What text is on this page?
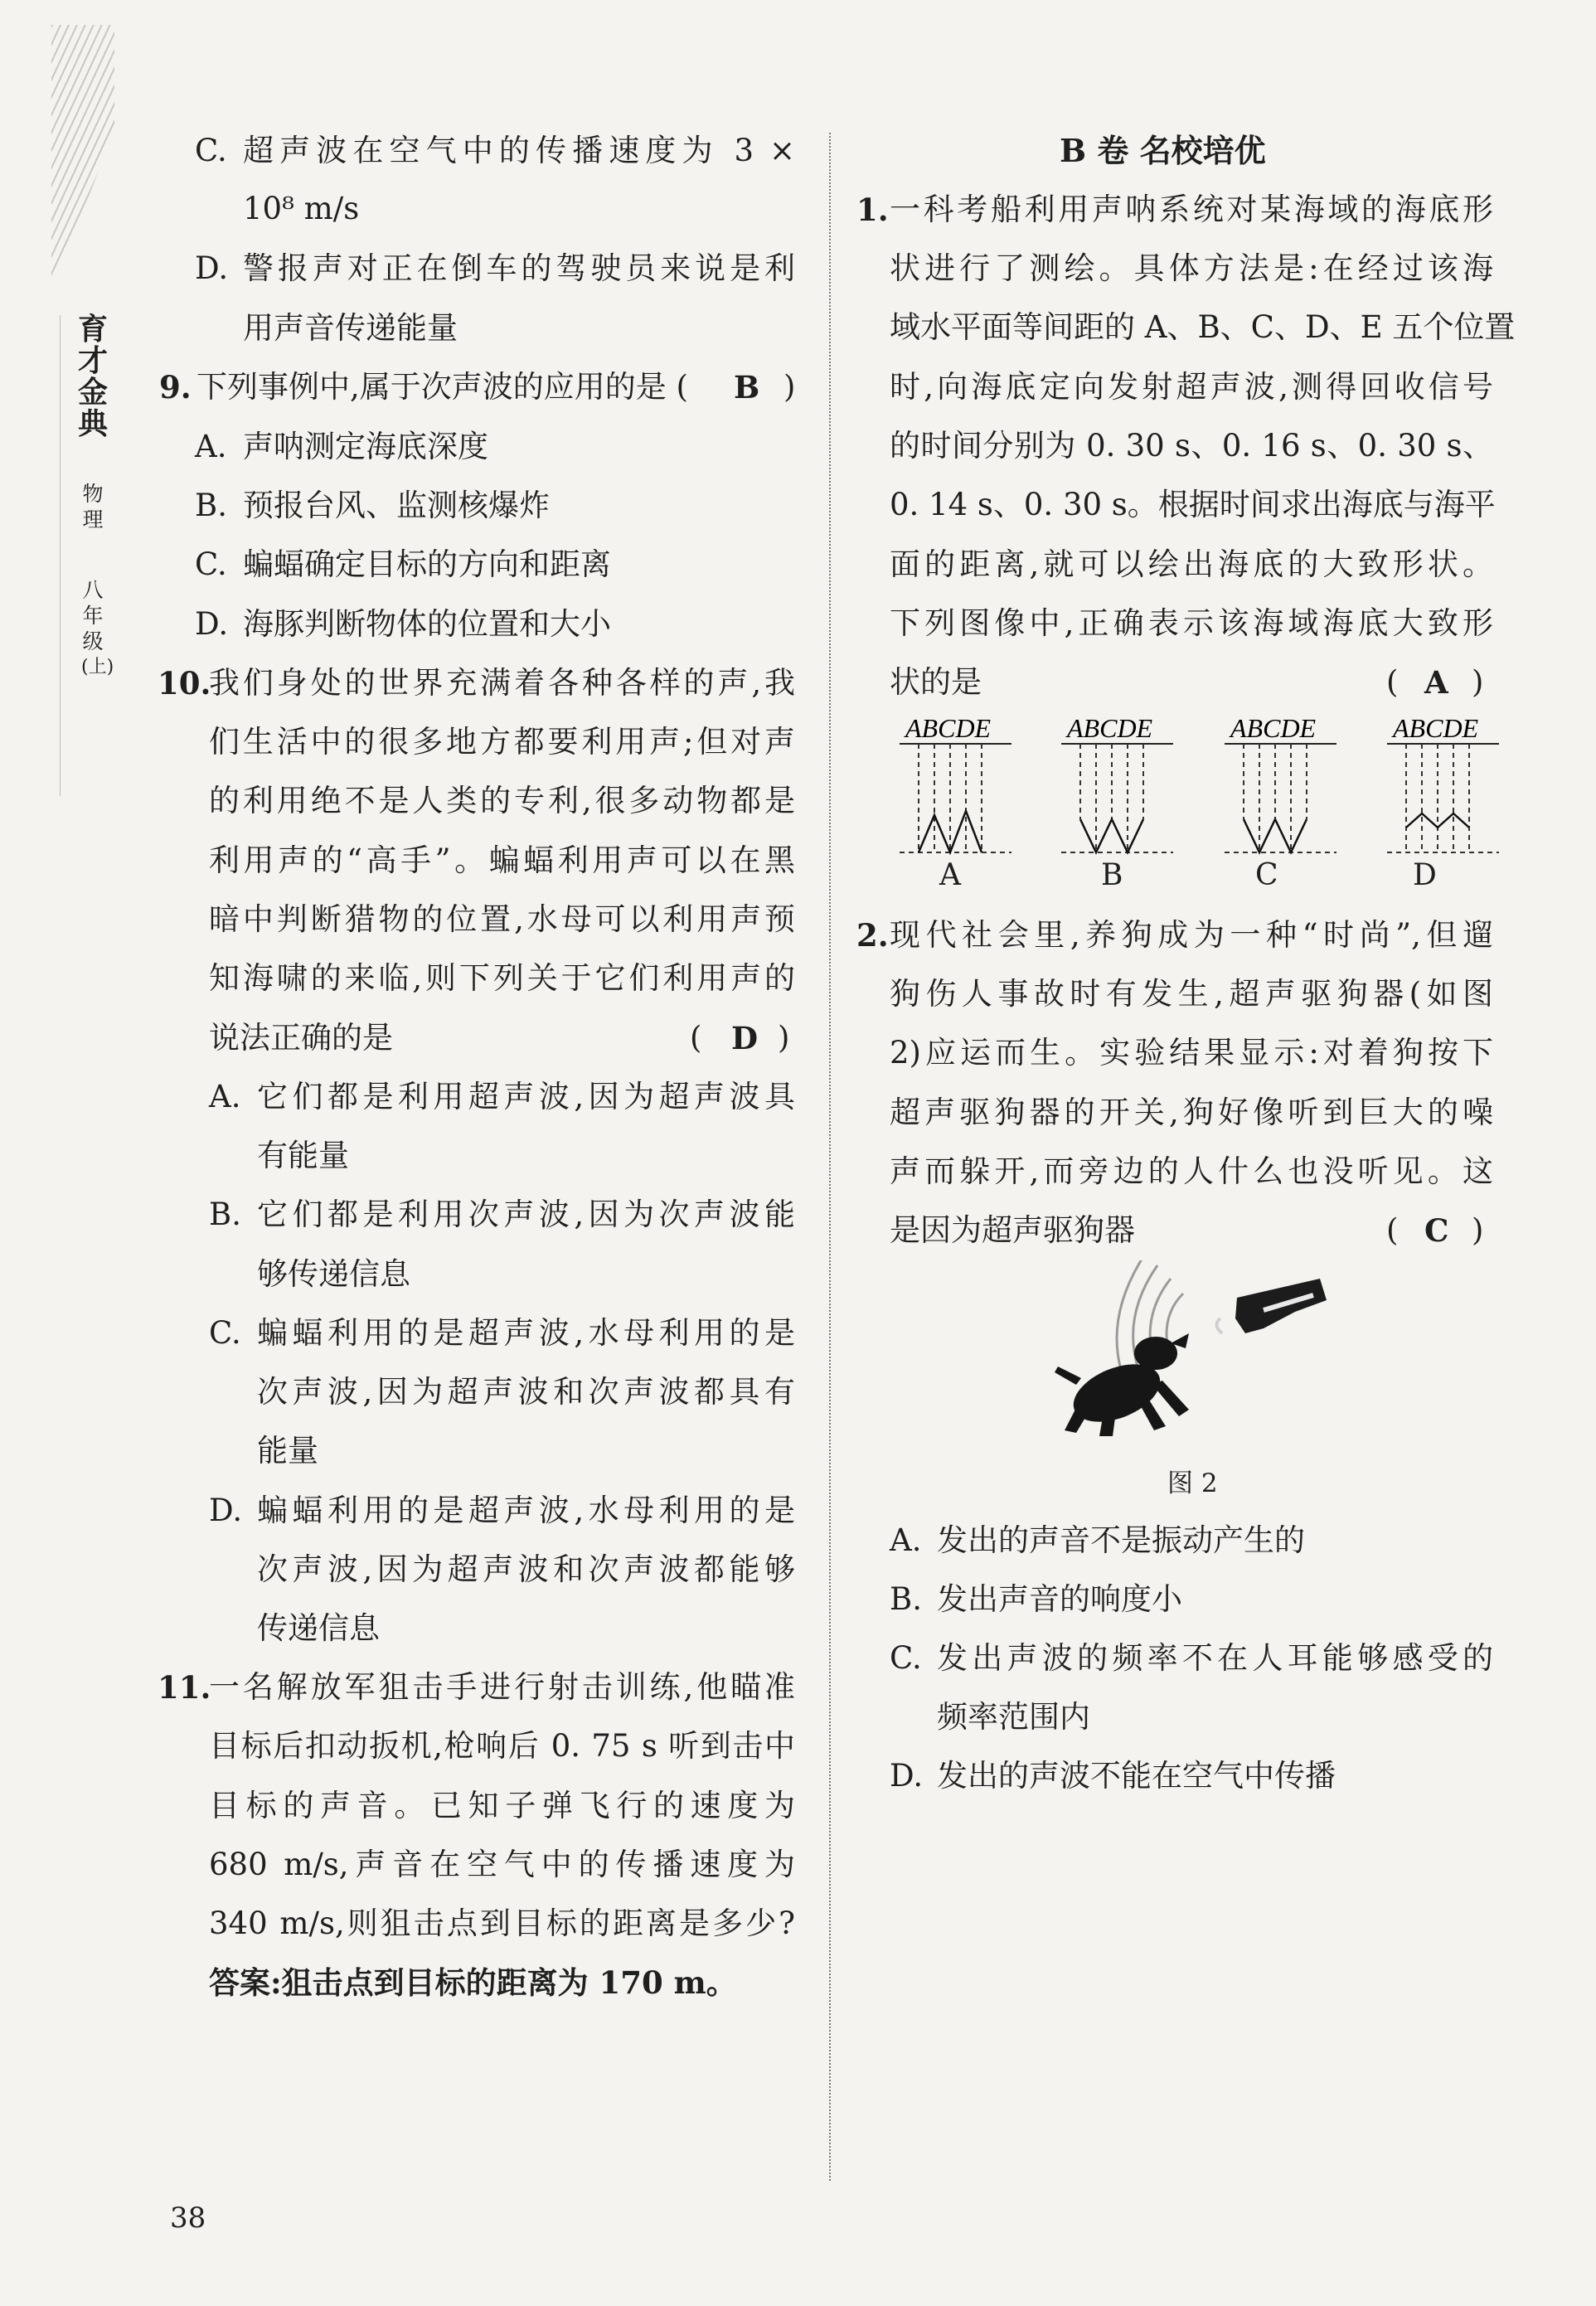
育
才
金
典
物
理
八
年
级
(上)
C. 超声波在空气中的传播速度为 3 ×
10⁸ m/s
D. 警报声对正在倒车的驾驶员来说是利
用声音传递能量
9. 下列事例中,属于次声波的应用的是 ( B )
A. 声呐测定海底深度
B. 预报台风、监测核爆炸
C. 蝙蝠确定目标的方向和距离
D. 海豚判断物体的位置和大小
10.
我们身处的世界充满着各种各样的声,我
们生活中的很多地方都要利用声;但对声
的利用绝不是人类的专利,很多动物都是
利用声的“高手”。蝙蝠利用声可以在黑
暗中判断猎物的位置,水母可以利用声预
知海啸的来临,则下列关于它们利用声的
说法正确的是	( D )
A. 它们都是利用超声波,因为超声波具
有能量
B. 它们都是利用次声波,因为次声波能
够传递信息
C. 蝙蝠利用的是超声波,水母利用的是
次声波,因为超声波和次声波都具有
能量
D. 蝙蝠利用的是超声波,水母利用的是
次声波,因为超声波和次声波都能够
传递信息
11.
一名解放军狙击手进行射击训练,他瞄准
目标后扣动扳机,枪响后 0. 75 s 听到击中
目标的声音。已知子弹飞行的速度为
680 m/s,声音在空气中的传播速度为
340 m/s,则狙击点到目标的距离是多少?
答案:狙击点到目标的距离为 170 m。
B 卷 名校培优
1. 一科考船利用声呐系统对某海域的海底形
状进行了测绘。具体方法是:在经过该海
域水平面等间距的 A、B、C、D、E 五个位置
时,向海底定向发射超声波,测得回收信号
的时间分别为 0. 30 s、0. 16 s、0. 30 s、
0. 14 s、0. 30 s。根据时间求出海底与海平
面的距离,就可以绘出海底的大致形状。
下列图像中,正确表示该海域海底大致形
状的是	( A )
ABCDE	ABCDE	ABCDE	ABCDE
A	B	C	D
2. 现代社会里,养狗成为一种“时尚”,但遛
狗伤人事故时有发生,超声驱狗器(如图
2)应运而生。实验结果显示:对着狗按下
超声驱狗器的开关,狗好像听到巨大的噪
声而躲开,而旁边的人什么也没听见。这
是因为超声驱狗器	( C )
图 2
A. 发出的声音不是振动产生的
B. 发出声音的响度小
C. 发出声波的频率不在人耳能够感受的
频率范围内
D. 发出的声波不能在空气中传播
38
